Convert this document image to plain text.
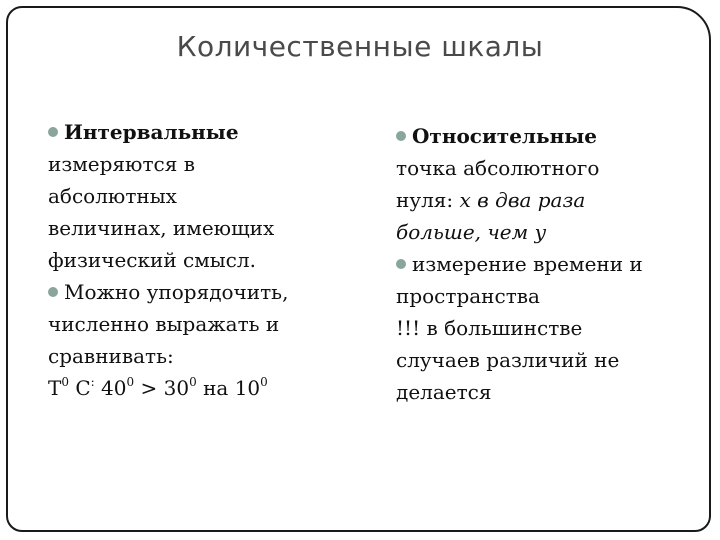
Количественные шкалы
Интервальные
измеряются в
абсолютных
величинах, имеющих
физический смысл.
Можно упорядочить,
численно выражать и
сравнивать:
$T^0$ C: $40^0 > 30^0$ на $10^0$
Относительные
точка абсолютного
нуля: х в два раза
больше, чем у
измерение времени и
пространства
!!! в большинстве
случаев различий не
делается
